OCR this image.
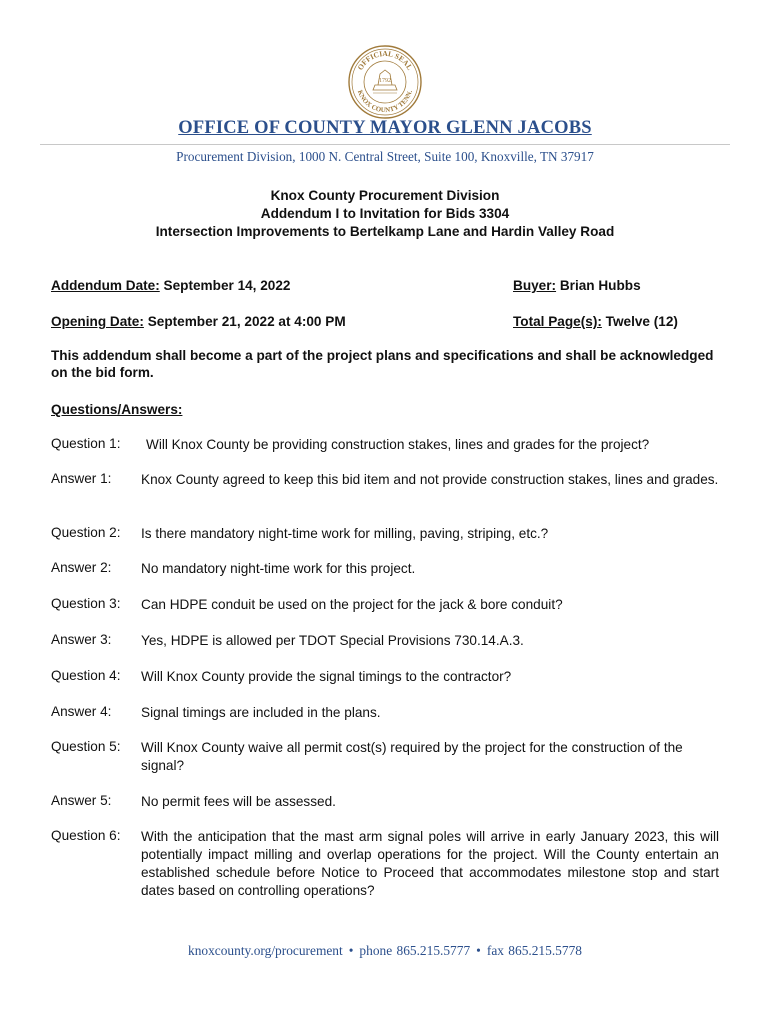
OFFICIAL SEAL
KNOX COUNTY TENN.
1792
OFFICE OF COUNTY MAYOR GLENN JACOBS
Procurement Division, 1000 N. Central Street, Suite 100, Knoxville, TN 37917
Knox County Procurement Division
Addendum I to Invitation for Bids 3304
Intersection Improvements to Bertelkamp Lane and Hardin Valley Road
Addendum Date: September 14, 2022	Buyer: Brian Hubbs
Opening Date: September 21, 2022 at 4:00 PM	Total Page(s): Twelve (12)
This addendum shall become a part of the project plans and specifications and shall be acknowledged on the bid form.
Questions/Answers:
Question 1: Will Knox County be providing construction stakes, lines and grades for the project?
Answer 1: Knox County agreed to keep this bid item and not provide construction stakes, lines and grades.
Question 2: Is there mandatory night-time work for milling, paving, striping, etc.?
Answer 2: No mandatory night-time work for this project.
Question 3: Can HDPE conduit be used on the project for the jack & bore conduit?
Answer 3: Yes, HDPE is allowed per TDOT Special Provisions 730.14.A.3.
Question 4: Will Knox County provide the signal timings to the contractor?
Answer 4: Signal timings are included in the plans.
Question 5: Will Knox County waive all permit cost(s) required by the project for the construction of the signal?
Answer 5: No permit fees will be assessed.
Question 6: With the anticipation that the mast arm signal poles will arrive in early January 2023, this will potentially impact milling and overlap operations for the project. Will the County entertain an established schedule before Notice to Proceed that accommodates milestone stop and start dates based on controlling operations?
knoxcounty.org/procurement • phone 865.215.5777 • fax 865.215.5778
